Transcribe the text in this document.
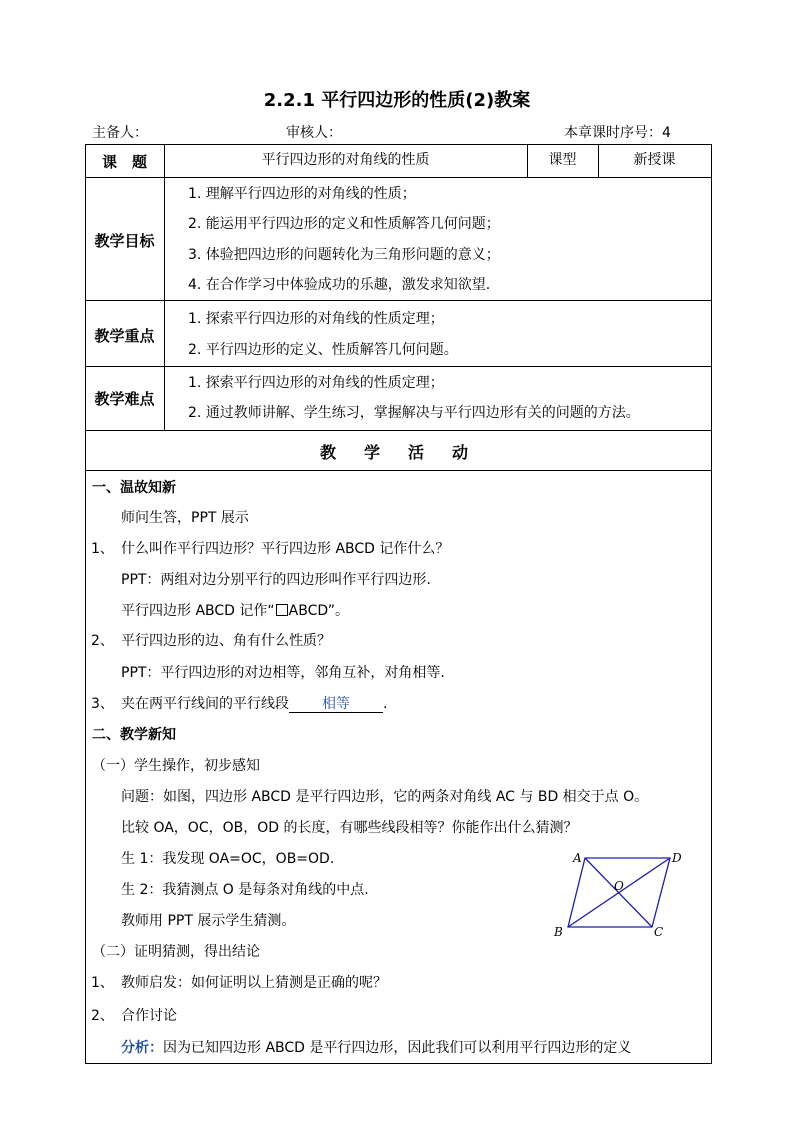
2.2.1 平行四边形的性质(2)教案
主备人：	审核人：	本章课时序号：4
课　题	平行四边形的对角线的性质	课型	新授课
教学目标
1. 理解平行四边形的对角线的性质；
2. 能运用平行四边形的定义和性质解答几何问题；
3. 体验把四边形的问题转化为三角形问题的意义；
4. 在合作学习中体验成功的乐趣，激发求知欲望.
教学重点
1. 探索平行四边形的对角线的性质定理；
2. 平行四边形的定义、性质解答几何问题。
教学难点
1. 探索平行四边形的对角线的性质定理；
2. 通过教师讲解、学生练习，掌握解决与平行四边形有关的问题的方法。
教学活动
一、温故知新
师问生答，PPT 展示
1、 什么叫作平行四边形？平行四边形 ABCD 记作什么？
PPT：两组对边分别平行的四边形叫作平行四边形.
平行四边形 ABCD 记作“ ABCD”。
2、 平行四边形的边、角有什么性质？
PPT：平行四边形的对边相等，邻角互补，对角相等.
3、 夹在两平行线间的平行线段 相等 .
二、教学新知
（一）学生操作，初步感知
问题：如图，四边形 ABCD 是平行四边形，它的两条对角线 AC 与 BD 相交于点 O。
比较 OA，OC，OB，OD 的长度，有哪些线段相等？你能作出什么猜测？
生 1：我发现 OA=OC，OB=OD.
生 2：我猜测点 O 是每条对角线的中点.
教师用 PPT 展示学生猜测。
（二）证明猜测，得出结论
1、 教师启发：如何证明以上猜测是正确的呢？
2、 合作讨论
分析：因为已知四边形 ABCD 是平行四边形，因此我们可以利用平行四边形的定义
A	D
O
B	C
